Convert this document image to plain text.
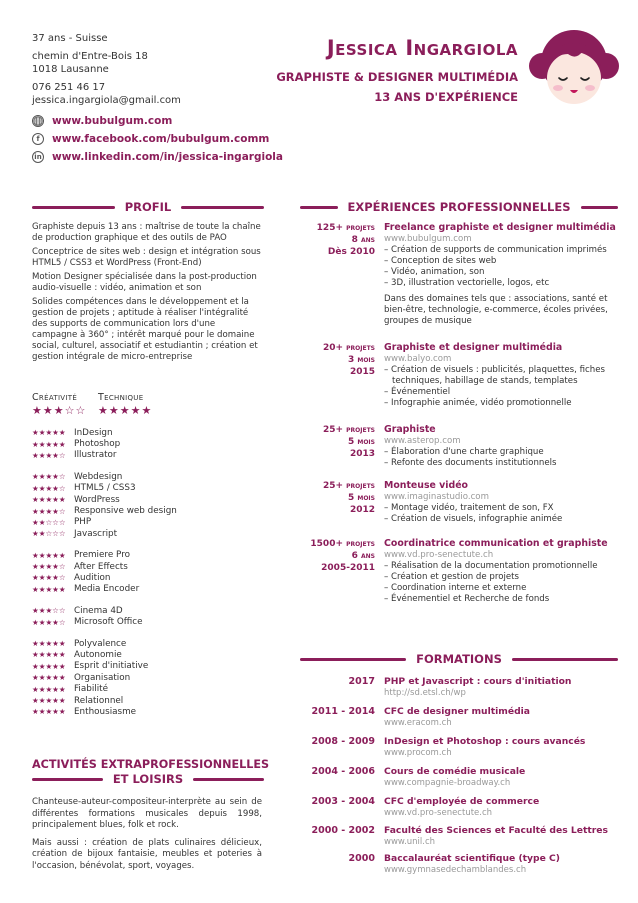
37 ans - Suisse
chemin d'Entre-Bois 18
1018 Lausanne
076 251 46 17
jessica.ingargiola@gmail.com
www.bubulgum.com
f	www.facebook.com/bubulgum.comm
in www.linkedin.com/in/jessica-ingargiola
Jessica Ingargiola
GRAPHISTE & DESIGNER MULTIMÉDIA
13 ANS D'EXPÉRIENCE
PROFIL

Graphiste depuis 13 ans : maîtrise de toute la chaîne de production graphique et des outils de PAO

Conceptrice de sites web : design et intégration sous HTML5 / CSS3 et WordPress (Front-End)

Motion Designer spécialisée dans la post-production audio-visuelle : vidéo, animation et son

Solides compétences dans le développement et la gestion de projets ; aptitude à réaliser l'intégralité des supports de communication lors d'une campagne à 360° ; intérêt marqué pour le domaine social, culturel, associatif et estudiantin ; création et gestion intégrale de micro-entreprise

Créativité Technique
★★★☆☆ ★★★★★
★★★★★ InDesign
★★★★★ Photoshop
★★★★☆ Illustrator
★★★★☆ Webdesign
★★★★☆ HTML5 / CSS3
★★★★★ WordPress
★★★★☆ Responsive web design
★★☆☆☆ PHP
★★☆☆☆ Javascript
★★★★★ Premiere Pro
★★★★☆ After Effects
★★★★☆ Audition
★★★★★ Media Encoder
★★★☆☆ Cinema 4D
★★★★☆ Microsoft Office
★★★★★ Polyvalence
★★★★★ Autonomie
★★★★★ Esprit d'initiative
★★★★★ Organisation
★★★★★ Fiabilité
★★★★★ Relationnel
★★★★★ Enthousiasme
ACTIVITÉS EXTRAPROFESSIONNELLES
ET LOISIRS

Chanteuse-auteur-compositeur-interprète au sein de différentes formations musicales depuis 1998, principalement blues, folk et rock.

Mais aussi : création de plats culinaires délicieux, création de bijoux fantaisie, meubles et poteries à l'occasion, bénévolat, sport, voyages.

EXPÉRIENCES PROFESSIONNELLES
125+ projets
8 ans
Dès 2010
Freelance graphiste et designer multimédia
www.bubulgum.com
– Création de supports de communication imprimés
– Conception de sites web
– Vidéo, animation, son
– 3D, illustration vectorielle, logos, etc
Dans des domaines tels que : associations, santé et bien-être, technologie, e-commerce, écoles privées, groupes de musique
20+ projets
3 mois
2015
Graphiste et designer multimédia
www.balyo.com
– Création de visuels : publicités, plaquettes, fiches
techniques, habillage de stands, templates
– Événementiel
– Infographie animée, vidéo promotionnelle
25+ projets
5 mois
2013
Graphiste
www.asterop.com
– Élaboration d'une charte graphique
– Refonte des documents institutionnels
25+ projets
5 mois
2012
Monteuse vidéo
www.imaginastudio.com
– Montage vidéo, traitement de son, FX
– Création de visuels, infographie animée
1500+ projets
6 ans
2005-2011
Coordinatrice communication et graphiste
www.vd.pro-senectute.ch
– Réalisation de la documentation promotionnelle
– Création et gestion de projets
– Coordination interne et externe
– Événementiel et Recherche de fonds
FORMATIONS
2017 PHP et Javascript : cours d'initiation
http://sd.etsl.ch/wp
2011 - 2014 CFC de designer multimédia
www.eracom.ch
2008 - 2009 InDesign et Photoshop : cours avancés
www.procom.ch
2004 - 2006 Cours de comédie musicale
www.compagnie-broadway.ch
2003 - 2004 CFC d'employée de commerce
www.vd.pro-senectute.ch
2000 - 2002 Faculté des Sciences et Faculté des Lettres
www.unil.ch
2000 Baccalauréat scientifique (type C)
www.gymnasedechamblandes.ch
